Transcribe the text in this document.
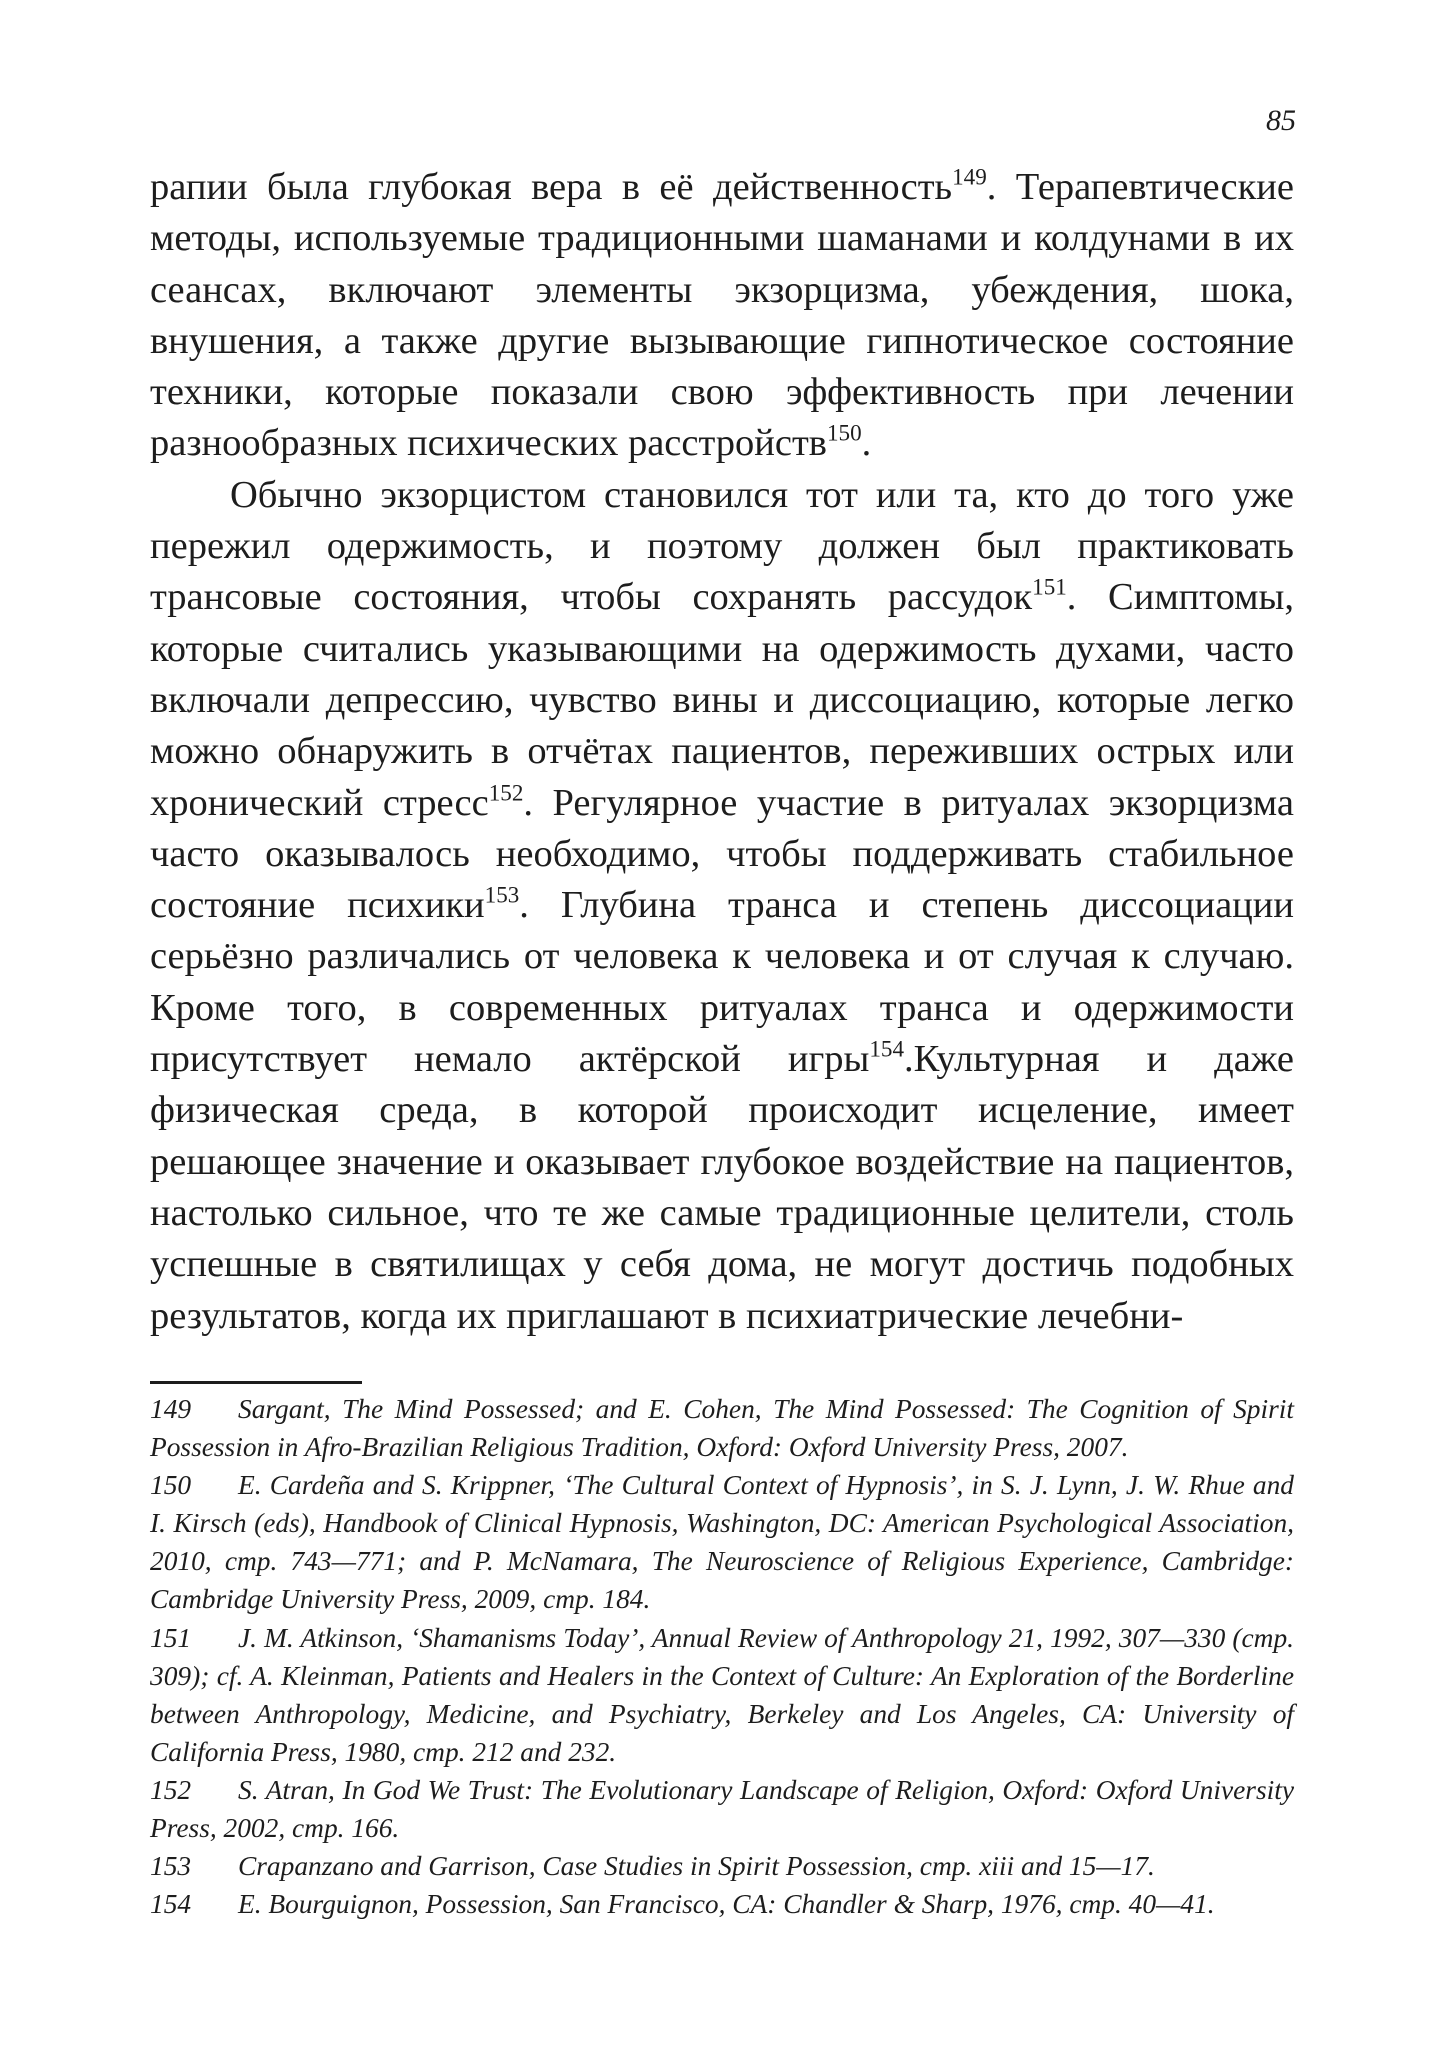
85

рапии была глубокая вера в её действенность$^{149}$. Терапевтические методы, используемые традиционными шаманами и колдунами в их сеансах, включают элементы экзорцизма, убеждения, шока, внушения, а также другие вызывающие гипнотическое состояние техники, которые показали свою эффективность при лечении разнообразных психических расстройств$^{150}$.

Обычно экзорцистом становился тот или та, кто до того уже пережил одержимость, и поэтому должен был практиковать трансовые состояния, чтобы сохранять рассудок$^{151}$. Симптомы, которые считались указывающими на одержимость духами, часто включали депрессию, чувство вины и диссоциацию, которые легко можно обнаружить в отчётах пациентов, переживших острых или хронический стресс$^{152}$. Регулярное участие в ритуалах экзорцизма часто оказывалось необходимо, чтобы поддерживать стабильное состояние психики$^{153}$. Глубина транса и степень диссоциации серьёзно различались от человека к человека и от случая к случаю. Кроме того, в современных ритуалах транса и одержимости присутствует немало актёрской игры$^{154}$.Культурная и даже физическая среда, в которой происходит исцеление, имеет решающее значение и оказывает глубокое воздействие на пациентов, настолько сильное, что те же самые традиционные целители, столь успешные в святилищах у себя дома, не могут достичь подобных результатов, когда их приглашают в психиатрические лечебни-

149 Sargant, The Mind Possessed; and E. Cohen, The Mind Possessed: The Cognition of Spirit Possession in Afro-Brazilian Religious Tradition, Oxford: Oxford University Press, 2007.
150 E. Cardeña and S. Krippner, ‘The Cultural Context of Hypnosis’, in S. J. Lynn, J. W. Rhue and I. Kirsch (eds), Handbook of Clinical Hypnosis, Washington, DC: American Psychological Association, 2010, стр. 743—771; and P. McNamara, The Neuroscience of Religious Experience, Cambridge: Cambridge University Press, 2009, стр. 184.
151 J. M. Atkinson, ‘Shamanisms Today’, Annual Review of Anthropology 21, 1992, 307—330 (стр. 309); cf. A. Kleinman, Patients and Healers in the Context of Culture: An Exploration of the Borderline between Anthropology, Medicine, and Psychiatry, Berkeley and Los Angeles, CA: University of California Press, 1980, стр. 212 and 232.
152 S. Atran, In God We Trust: The Evolutionary Landscape of Religion, Oxford: Oxford University Press, 2002, стр. 166.
153 Crapanzano and Garrison, Case Studies in Spirit Possession, стр. xiii and 15—17.
154 E. Bourguignon, Possession, San Francisco, CA: Chandler & Sharp, 1976, стр. 40—41.
